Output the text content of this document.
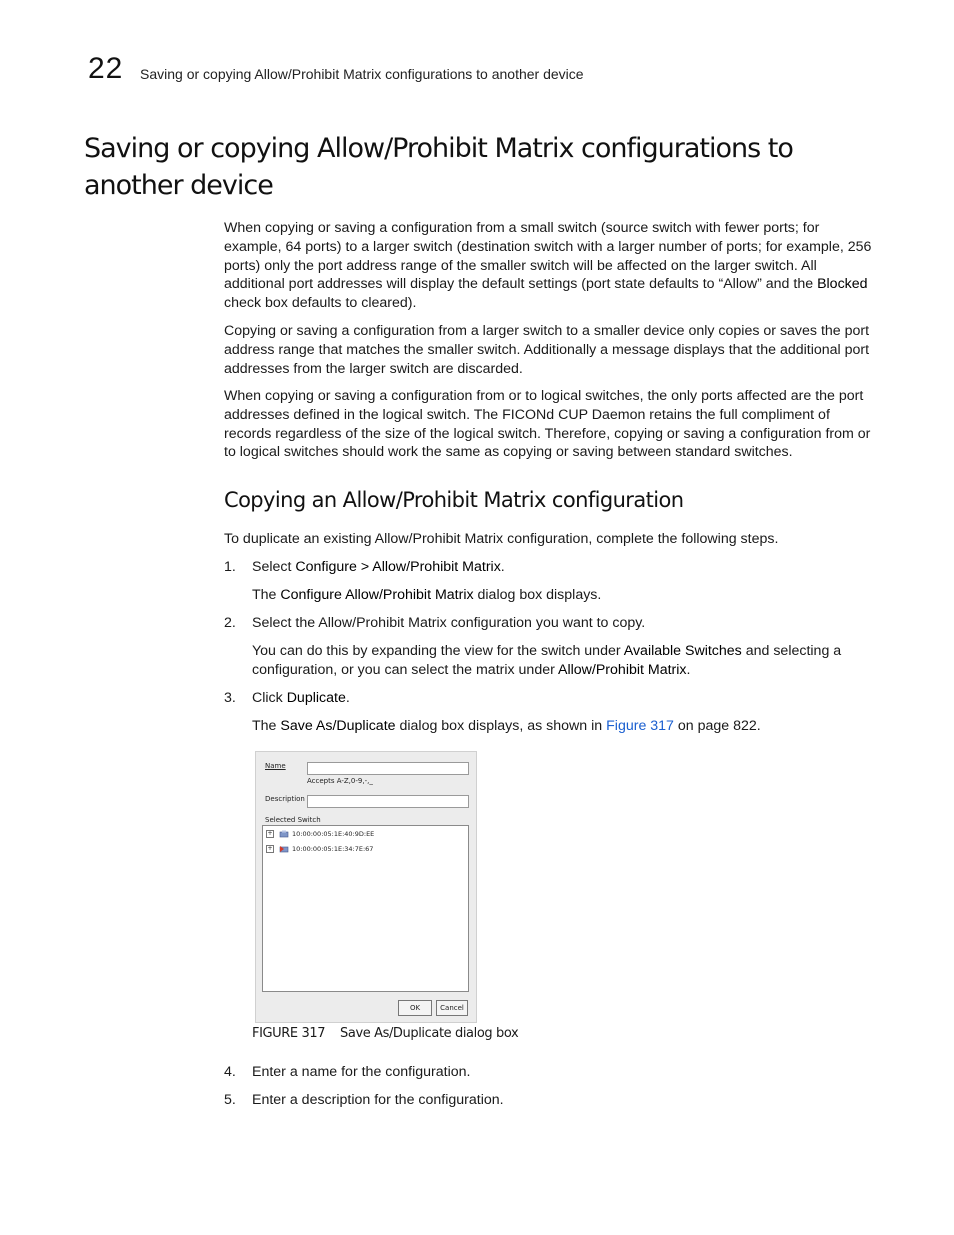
22 Saving or copying Allow/Prohibit Matrix configurations to another device
Saving or copying Allow/Prohibit Matrix configurations to another device

When copying or saving a configuration from a small switch (source switch with fewer ports; for example, 64 ports) to a larger switch (destination switch with a larger number of ports; for example, 256 ports) only the port address range of the smaller switch will be affected on the larger switch. All additional port addresses will display the default settings (port state defaults to “Allow” and the Blocked check box defaults to cleared).

Copying or saving a configuration from a larger switch to a smaller device only copies or saves the port address range that matches the smaller switch. Additionally a message displays that the additional port addresses from the larger switch are discarded.
When copying or saving a configuration from or to logical switches, the only ports affected are the port addresses defined in the logical switch. The FICONd CUP Daemon retains the full compliment of records regardless of the size of the logical switch. Therefore, copying or saving a configuration from or to logical switches should work the same as copying or saving between standard switches.
Copying an Allow/Prohibit Matrix configuration
To duplicate an existing Allow/Prohibit Matrix configuration, complete the following steps.
1. Select Configure > Allow/Prohibit Matrix.
The Configure Allow/Prohibit Matrix dialog box displays.
2. Select the Allow/Prohibit Matrix configuration you want to copy.
You can do this by expanding the view for the switch under Available Switches and selecting a configuration, or you can select the matrix under Allow/Prohibit Matrix.
3. Click Duplicate.
The Save As/Duplicate dialog box displays, as shown in Figure 317 on page 822.
Name
Accepts A-Z,0-9,-,_
Description
Selected Switch
+	10:00:00:05:1E:40:9D:EE
+	10:00:00:05:1E:34:7E:67
OK	Cancel
FIGURE 317 Save As/Duplicate dialog box
4. Enter a name for the configuration.
5. Enter a description for the configuration.
